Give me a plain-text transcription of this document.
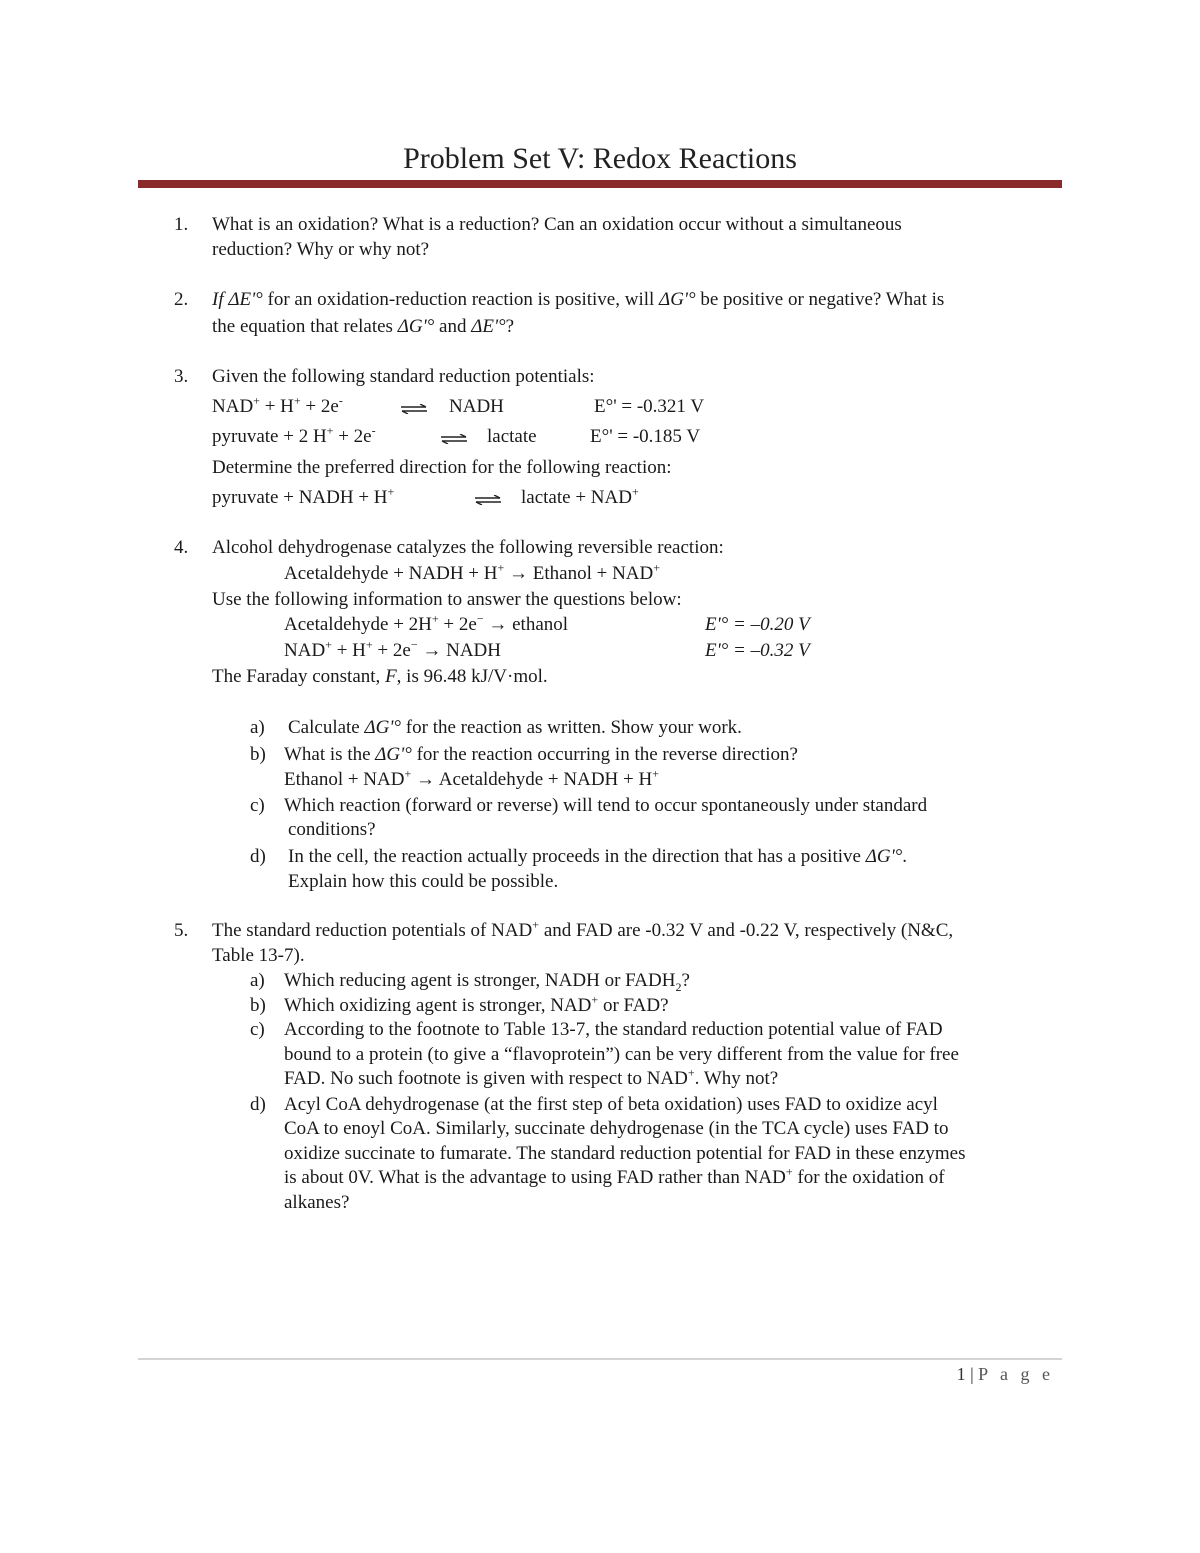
Problem Set V: Redox Reactions
1. What is an oxidation? What is a reduction? Can an oxidation occur without a simultaneous
reduction? Why or why not?
2. If ΔE'° for an oxidation-reduction reaction is positive, will ΔG'° be positive or negative? What is
the equation that relates ΔG'° and ΔE'°?
3. Given the following standard reduction potentials:
NAD+ + H+ + 2e- ⇌ NADH	E°' = -0.321 V
pyruvate + 2 H+ + 2e- ⇌ lactate	E°' = -0.185 V
Determine the preferred direction for the following reaction:
pyruvate + NADH + H+ ⇌ lactate + NAD+
4. Alcohol dehydrogenase catalyzes the following reversible reaction:
Acetaldehyde + NADH + H+ → Ethanol + NAD+
Use the following information to answer the questions below:
Acetaldehyde + 2H+ + 2e− → ethanol	E'° = –0.20 V
NAD+ + H+ + 2e− → NADH	E'° = –0.32 V
The Faraday constant, F, is 96.48 kJ/V·mol.
a) Calculate ΔG'° for the reaction as written. Show your work.
b) What is the ΔG'° for the reaction occurring in the reverse direction?
Ethanol + NAD+ → Acetaldehyde + NADH + H+
c) Which reaction (forward or reverse) will tend to occur spontaneously under standard
conditions?
d) In the cell, the reaction actually proceeds in the direction that has a positive ΔG'°.
Explain how this could be possible.
5. The standard reduction potentials of NAD+ and FAD are -0.32 V and -0.22 V, respectively (N&C,
Table 13-7).
a) Which reducing agent is stronger, NADH or $FADH_2$?
b) Which oxidizing agent is stronger, NAD+ or FAD?
c) According to the footnote to Table 13-7, the standard reduction potential value of FAD
bound to a protein (to give a “flavoprotein”) can be very different from the value for free
FAD. No such footnote is given with respect to NAD+. Why not?
d) Acyl CoA dehydrogenase (at the first step of beta oxidation) uses FAD to oxidize acyl
CoA to enoyl CoA. Similarly, succinate dehydrogenase (in the TCA cycle) uses FAD to
oxidize succinate to fumarate. The standard reduction potential for FAD in these enzymes
is about 0V. What is the advantage to using FAD rather than NAD+ for the oxidation of
alkanes?
1 | P a g e
